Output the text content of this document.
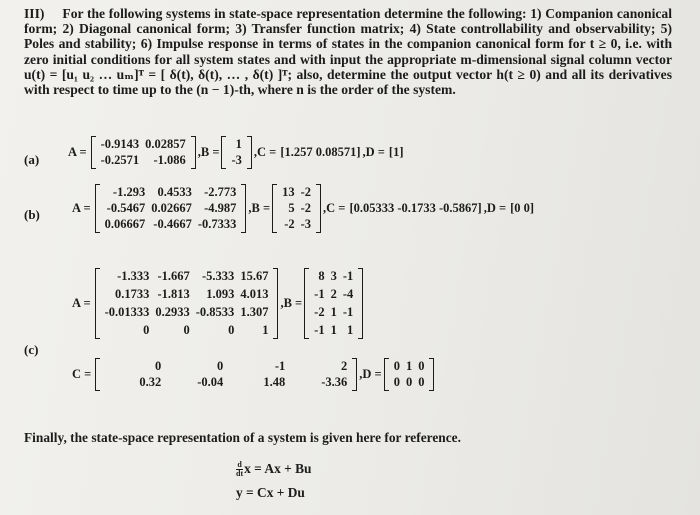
III) For the following systems in state-space representation determine the following: 1) Companion canonical form; 2) Diagonal canonical form; 3) Transfer function matrix; 4) State controllability and observability; 5) Poles and stability; 6) Impulse response in terms of states in the companion canonical form for t ≥ 0, i.e. with zero initial conditions for all system states and with input the appropriate m-dimensional signal column vector u(t) = [u₁ u₂ … uₘ]ᵀ = [ δ(t), δ(t), … , δ(t) ]ᵀ; also, determine the output vector h(t ≥ 0) and all its derivatives with respect to time up to the (n − 1)-th, where n is the order of the system.
(a) A =
-0.9143 0.02857
-0.2571	-1.086
,B =
1
-3
,C = [1.257 0.08571] ,D = [1]
(b)	A =
-1.293 0.4533 -2.773
-0.5467 0.02667 -4.987
0.06667 -0.4667 -0.7333
,B =
13 -2
5 -2
-2 -3
,C = [0.05333 -0.1733 -0.5867] ,D = [0 0]
(c)
A =
-1.333 -1.667 -5.333 15.67
0.1733 -1.813	1.093 4.013
-0.01333 0.2933 -0.8533 1.307
0	0	0	1
,B =
8 3 -1
-1 2 -4
-2 1 -1
-1 1 1
C =
0	0	-1	2
0.32	-0.04	1.48	-3.36
,D =
0 1 0
0 0 0
Finally, the state-space representation of a system is given here for reference.
$\frac{d}{dt}$ x = Ax + Bu
y = Cx + Du
